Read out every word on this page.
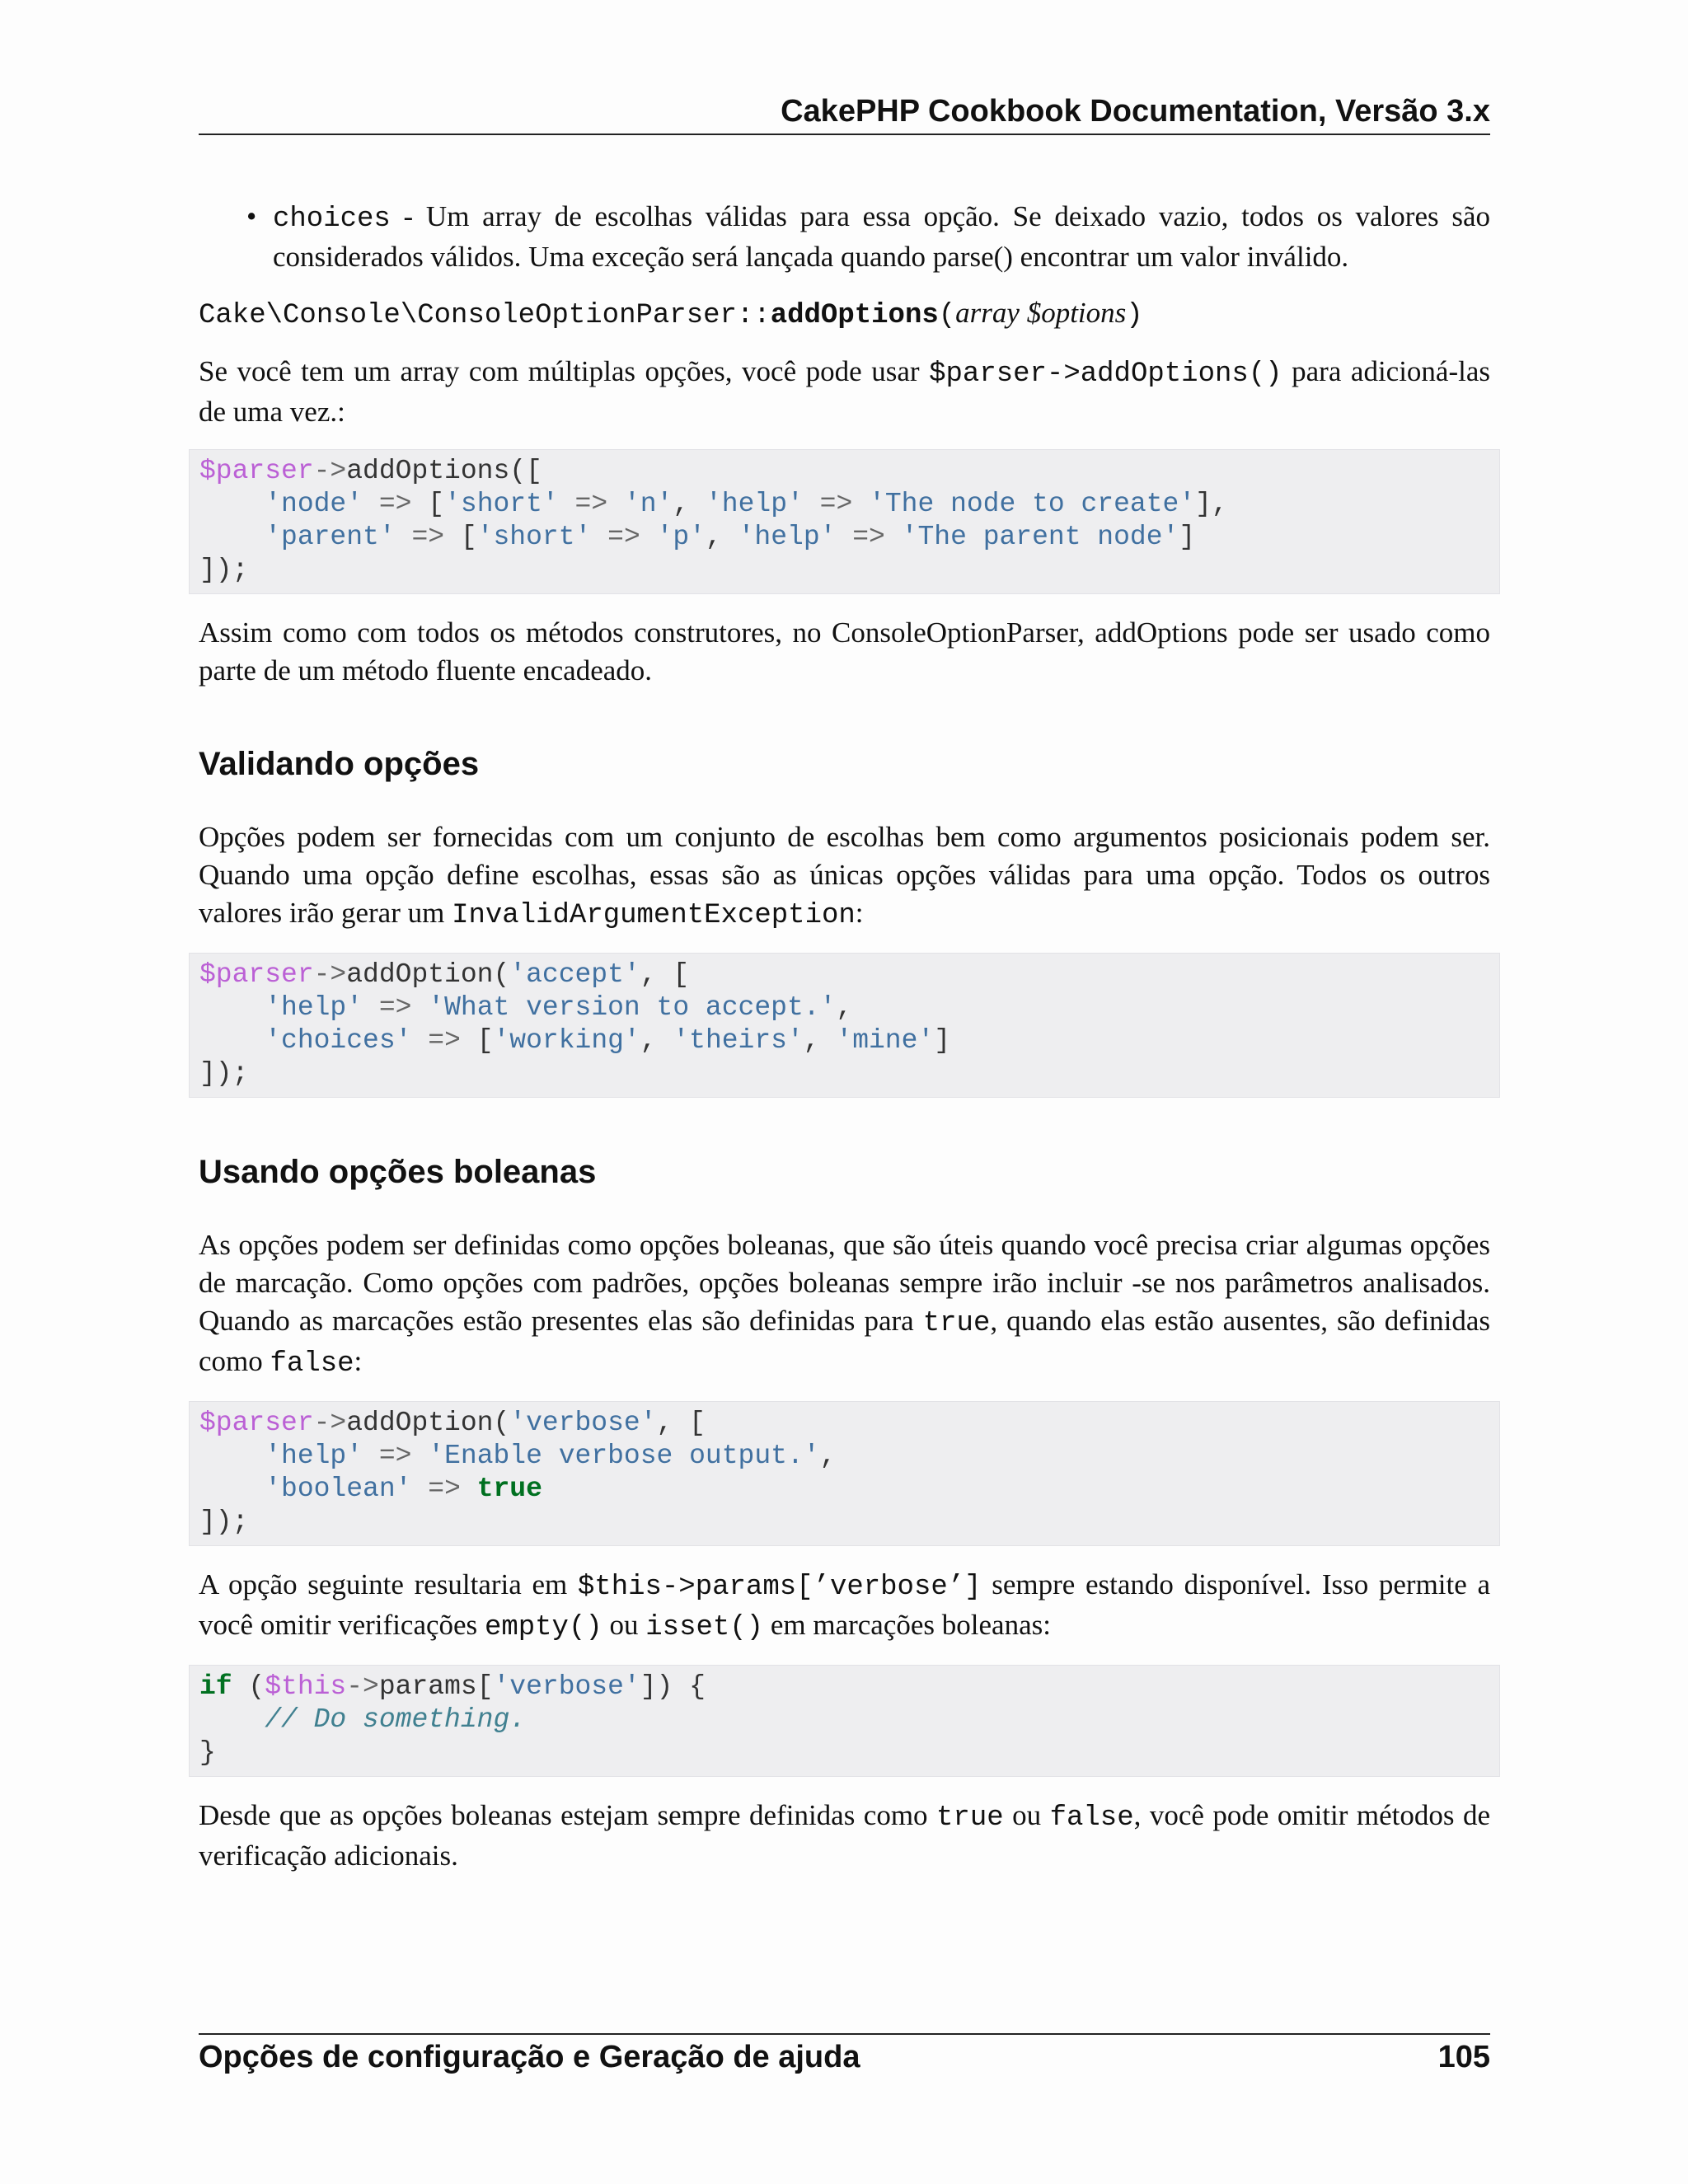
CakePHP Cookbook Documentation, Versão 3.x

• choices - Um array de escolhas válidas para essa opção. Se deixado vazio, todos os valores são considerados válidos. Uma exceção será lançada quando parse() encontrar um valor inválido.

Cake\Console\ConsoleOptionParser::addOptions(array $options)

Se você tem um array com múltiplas opções, você pode usar $parser->addOptions() para adicioná-las de uma vez.:

$parser->addOptions([
'node' => ['short' => 'n', 'help' => 'The node to create'],
'parent' => ['short' => 'p', 'help' => 'The parent node']
]);

Assim como com todos os métodos construtores, no ConsoleOptionParser, addOptions pode ser usado como parte de um método fluente encadeado.

Validando opções

Opções podem ser fornecidas com um conjunto de escolhas bem como argumentos posicionais podem ser. Quando uma opção define escolhas, essas são as únicas opções válidas para uma opção. Todos os outros valores irão gerar um InvalidArgumentException:

$parser->addOption('accept', [
'help' => 'What version to accept.',
'choices' => ['working', 'theirs', 'mine']
]);
Usando opções boleanas

As opções podem ser definidas como opções boleanas, que são úteis quando você precisa criar algumas opções de marcação. Como opções com padrões, opções boleanas sempre irão incluir -se nos parâmetros analisados. Quando as marcações estão presentes elas são definidas para true, quando elas estão ausentes, são definidas como false:

$parser->addOption('verbose', [
'help' => 'Enable verbose output.',
'boolean' => true
]);

A opção seguinte resultaria em $this->params[’verbose’] sempre estando disponível. Isso permite a você omitir verificações empty() ou isset() em marcações boleanas:

if ($this->params['verbose']) {
// Do something.
}

Desde que as opções boleanas estejam sempre definidas como true ou false, você pode omitir métodos de verificação adicionais.

Opções de configuração e Geração de ajuda	105
